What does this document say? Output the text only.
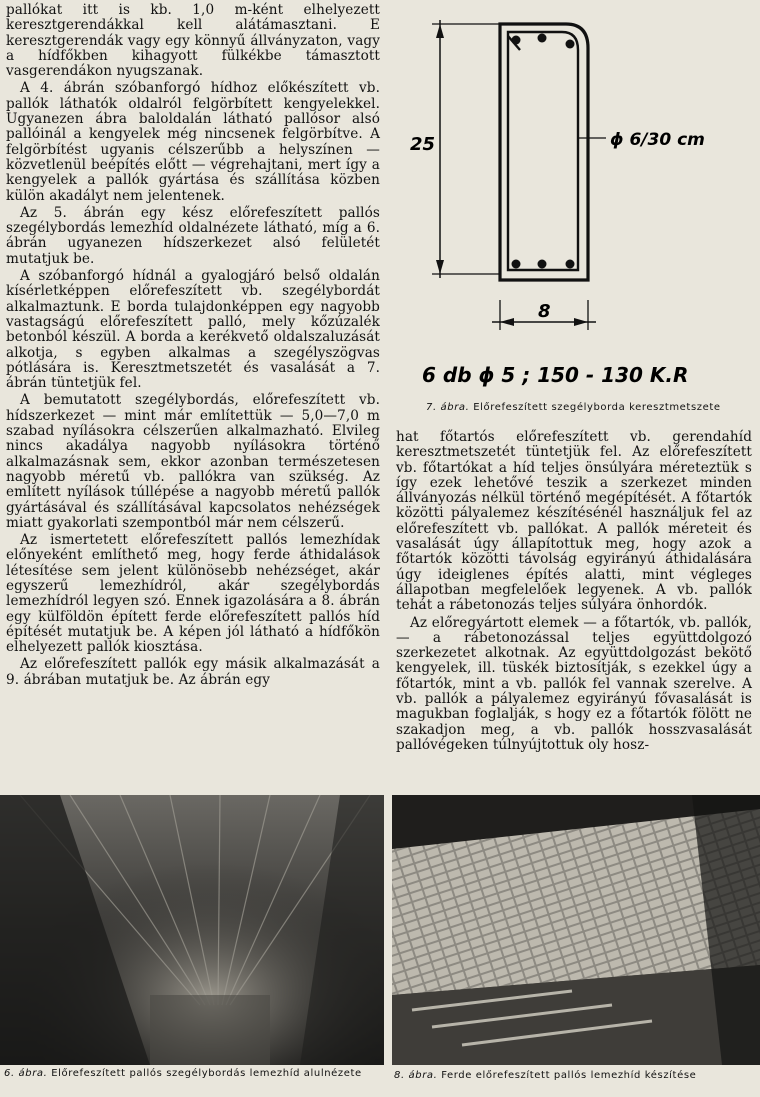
pallókat itt is kb. 1,0 m-ként elhelyezett keresztgerendákkal kell alátámasztani. E keresztgerendák vagy egy könnyű állványzaton, vagy a hídfőkben kihagyott fülkékbe támasztott vasgerendákon nyugszanak.

A 4. ábrán szóbanforgó hídhoz előkészített vb. pallók láthatók oldalról felgörbített kengyelekkel. Ugyanezen ábra baloldalán látható pallósor alsó pallóinál a kengyelek még nincsenek felgörbítve. A felgörbítést ugyanis célszerűbb a helyszínen — közvetlenül beépítés előtt — végrehajtani, mert így a kengyelek a pallók gyártása és szállítása közben külön akadályt nem jelentenek.

Az 5. ábrán egy kész előrefeszített pallós szegélybordás lemezhíd oldalnézete látható, míg a 6. ábrán ugyanezen hídszerkezet alsó felületét mutatjuk be.

A szóbanforgó hídnál a gyalogjáró belső oldalán kísérletképpen előrefeszített vb. szegélybordát alkalmaztunk. E borda tulajdonképpen egy nagyobb vastagságú előrefeszített palló, mely kőzúzalék betonból készül. A borda a kerékvető oldalszaluzását alkotja, s egyben alkalmas a szegélyszögvas pótlására is. Keresztmetszetét és vasalását a 7. ábrán tüntetjük fel.

A bemutatott szegélybordás, előrefeszített vb. hídszerkezet — mint már említettük — 5,0—7,0 m szabad nyílásokra célszerűen alkalmazható. Elvileg nincs akadálya nagyobb nyílásokra történő alkalmazásnak sem, ekkor azonban természetesen nagyobb méretű vb. pallókra van szükség. Az említett nyílások túllépése a nagyobb méretű pallók gyártásával és szállításával kapcsolatos nehézségek miatt gyakorlati szempontból már nem célszerű.

Az ismertetett előrefeszített pallós lemezhídak előnyeként említhető meg, hogy ferde áthidalások létesítése sem jelent különösebb nehézséget, akár egyszerű lemezhídról, akár szegélybordás lemezhídról legyen szó. Ennek igazolására a 8. ábrán egy külföldön épített ferde előrefeszített pallós híd építését mutatjuk be. A képen jól látható a hídfőkön elhelyezett pallók kiosztása.

Az előrefeszített pallók egy másik alkalmazását a 9. ábrában mutatjuk be. Az ábrán egy

25	ϕ 6/30 cm
8
6 db ϕ 5 ; 150 - 130 K.R
7. ábra. Előrefeszített szegélyborda keresztmetszete

hat főtartós előrefeszített vb. gerendahíd keresztmetszetét tüntetjük fel. Az előrefeszített vb. főtartókat a híd teljes önsúlyára méreteztük s így ezek lehetővé teszik a szerkezet minden állványozás nélkül történő megépítését. A főtartók közötti pályalemez készítésénél használjuk fel az előrefeszített vb. pallókat. A pallók méreteit és vasalását úgy állapítottuk meg, hogy azok a főtartók közötti távolság egyirányú áthidalására úgy ideiglenes építés alatti, mint végleges állapotban megfelelőek legyenek. A vb. pallók tehát a rábetonozás teljes súlyára önhordók.

Az előregyártott elemek — a főtartók, vb. pallók, — a rábetonozással teljes együttdolgozó szerkezetet alkotnak. Az együttdolgozást bekötő kengyelek, ill. tüskék biztosítják, s ezekkel úgy a főtartók, mint a vb. pallók fel vannak szerelve. A vb. pallók a pályalemez egyirányú fővasalását is magukban foglalják, s hogy ez a főtartók fölött ne szakadjon meg, a vb. pallók hosszvasalását pallóvégeken túlnyújtottuk oly hosz-

6. ábra. Előrefeszített pallós szegélybordás lemezhíd alulnézete	8. ábra. Ferde előrefeszített pallós lemezhíd készítése
